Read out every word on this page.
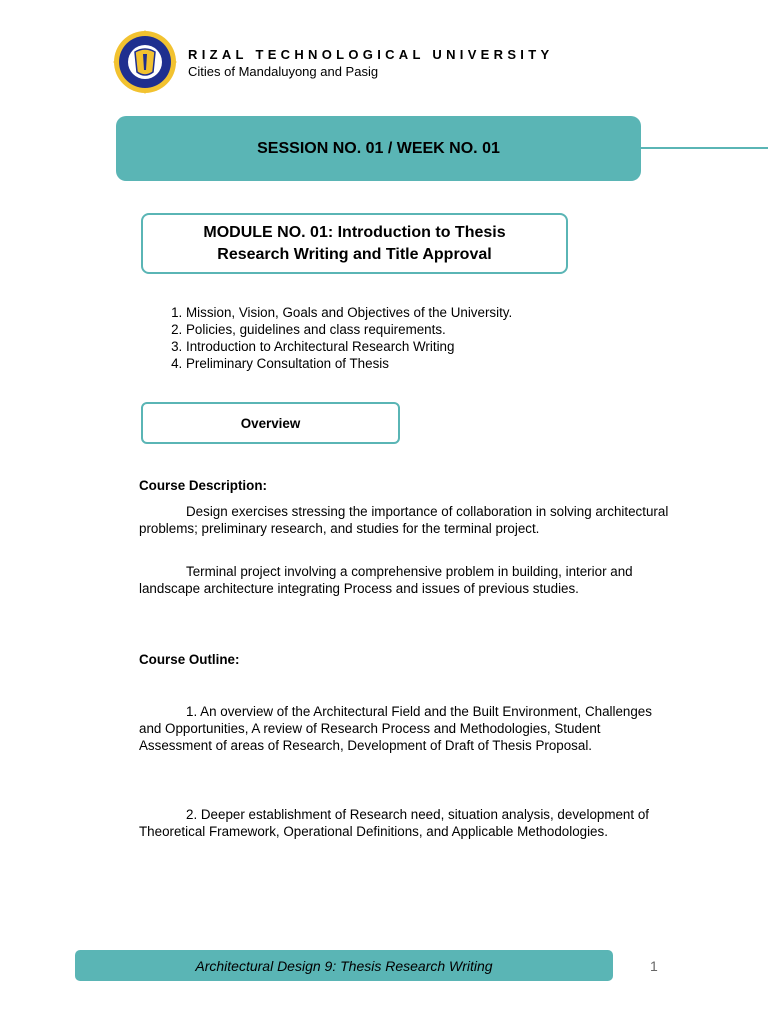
RIZAL TECHNOLOGICAL UNIVERSITY
Cities of Mandaluyong and Pasig
SESSION NO. 01 / WEEK NO. 01
MODULE NO. 01: Introduction to Thesis
Research Writing and Title Approval
1. Mission, Vision, Goals and Objectives of the University.
2. Policies, guidelines and class requirements.
3. Introduction to Architectural Research Writing
4. Preliminary Consultation of Thesis
Overview
Course Description:

Design exercises stressing the importance of collaboration in solving architectural problems; preliminary research, and studies for the terminal project.

Terminal project involving a comprehensive problem in building, interior and landscape architecture integrating Process and issues of previous studies.

Course Outline:

1. An overview of the Architectural Field and the Built Environment, Challenges and Opportunities, A review of Research Process and Methodologies, Student Assessment of areas of Research, Development of Draft of Thesis Proposal.

2. Deeper establishment of Research need, situation analysis, development of Theoretical Framework, Operational Definitions, and Applicable Methodologies.

Architectural Design 9: Thesis Research Writing	1
